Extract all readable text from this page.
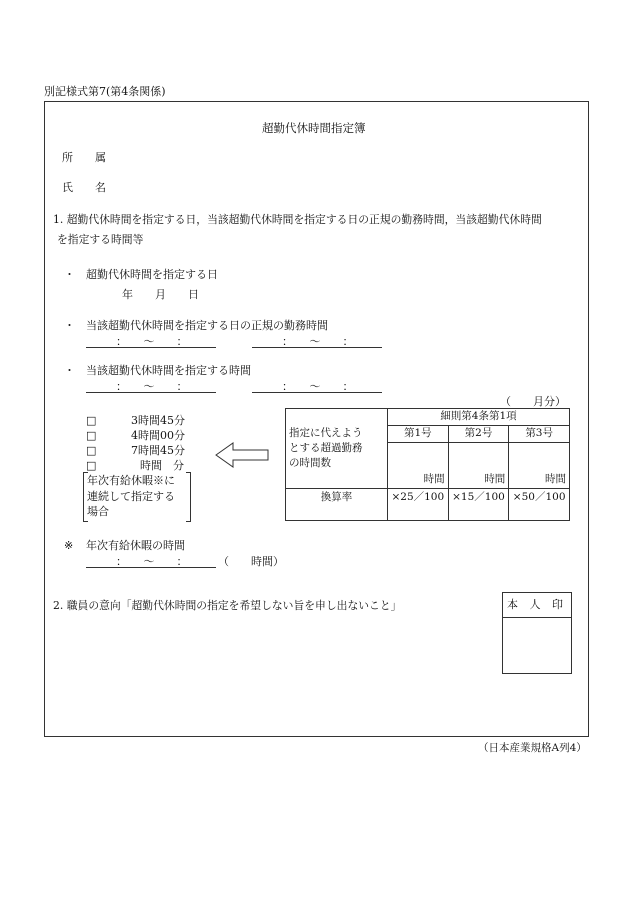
別記様式第7(第4条関係)
超勤代休時間指定簿
所　　属
氏　　名
1. 超勤代休時間を指定する日，当該超勤代休時間を指定する日の正規の勤務時間，当該超勤代休時間
を指定する時間等
・ 超勤代休時間を指定する日
年　　月　　日
・ 当該超勤代休時間を指定する日の正規の勤務時間
：　　〜　　：	：　　〜　　：
・ 当該超勤代休時間を指定する時間
：　　〜　　：	：　　〜　　：
（　　月分）
□	3時間45分
□	4時間00分
□	7時間45分
□	時間　分
年次有給休暇※に
連続して指定する
場合
指定に代えよう
とする超過勤務
の時間数	細則第4条第1項		
	第1号	第2号	第3号
	時間	時間	時間
換算率	×25／100	×15／100	×50／100
※ 年次有給休暇の時間
：　　〜　　：	（　　時間）
2. 職員の意向「超勤代休時間の指定を希望しない旨を申し出ないこと」	本 人 印
（日本産業規格A列4）
